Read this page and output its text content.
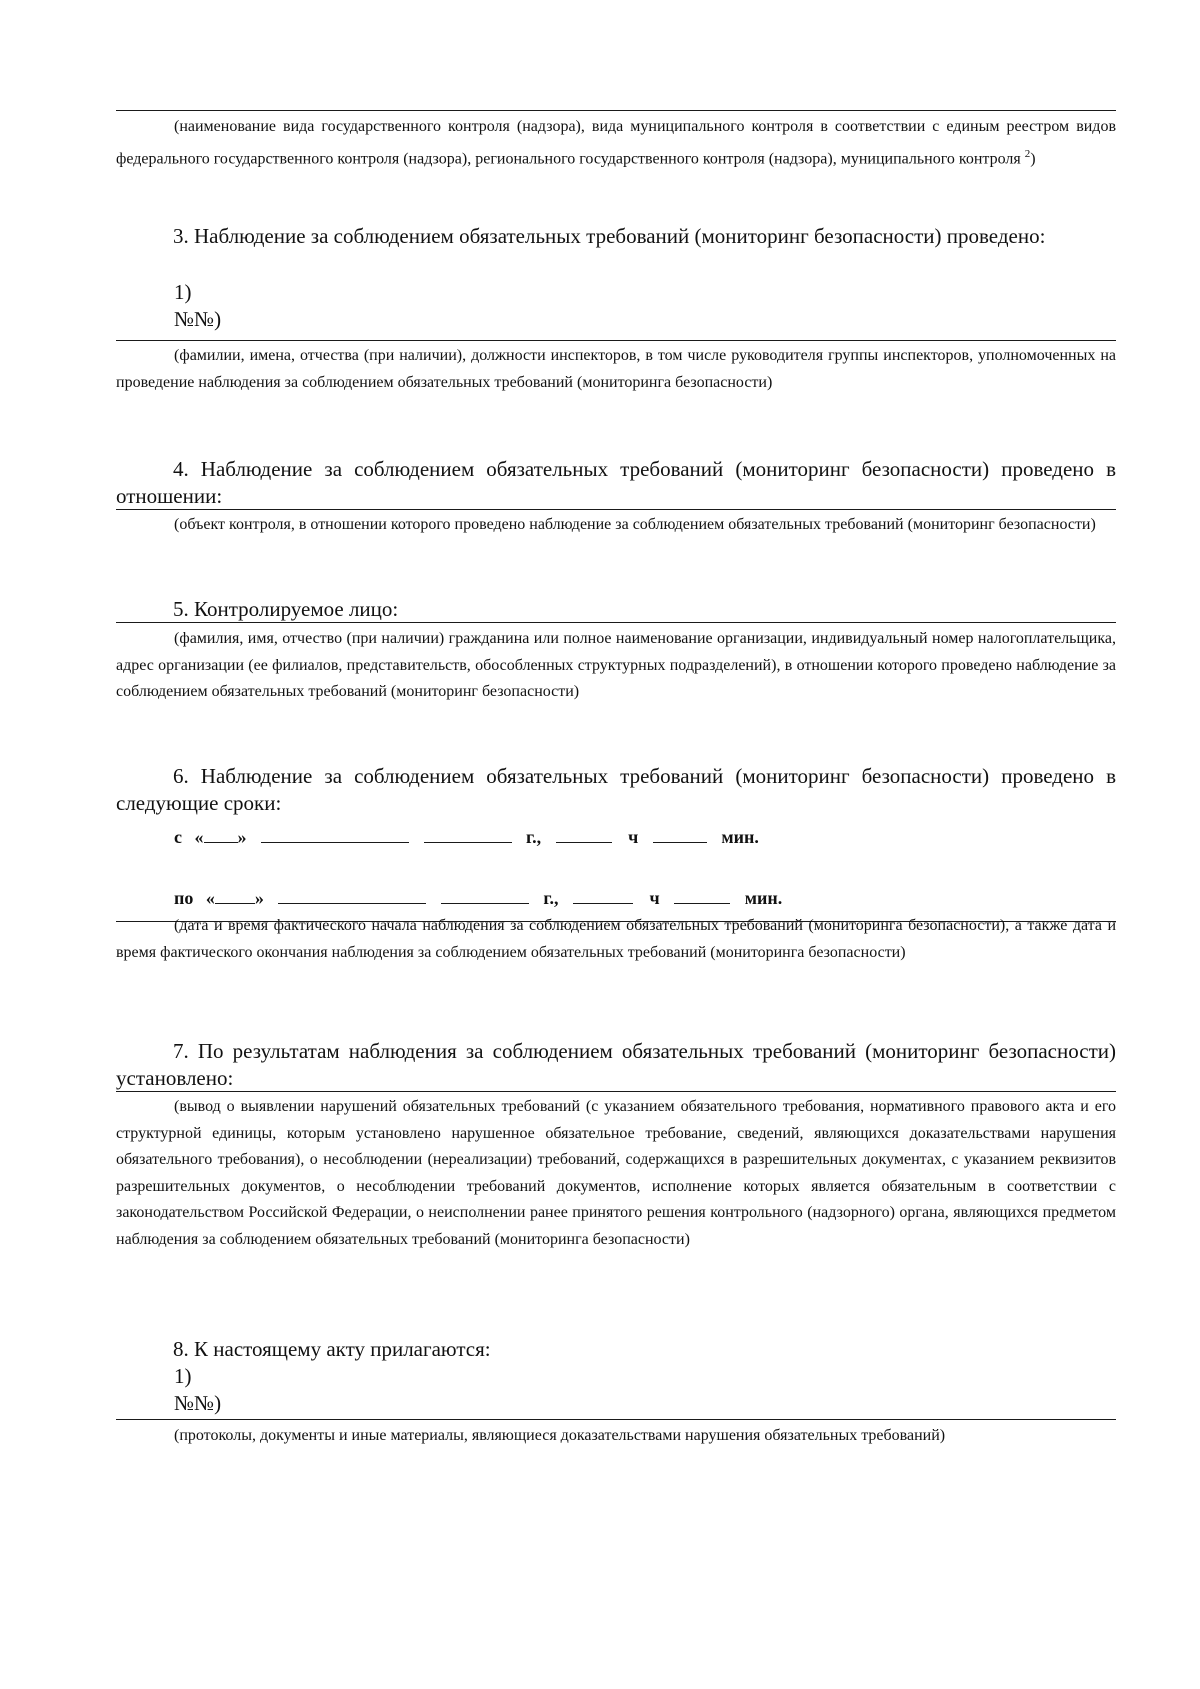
(наименование вида государственного контроля (надзора), вида муниципального контроля в соответствии с единым реестром видов федерального государственного контроля (надзора), регионального государственного контроля (надзора), муниципального контроля $^2$)
3. Наблюдение за соблюдением обязательных требований (мониторинг безопасности) проведено:
1)
№№)
(фамилии, имена, отчества (при наличии), должности инспекторов, в том числе руководителя группы инспекторов, уполномоченных на проведение наблюдения за соблюдением обязательных требований (мониторинга безопасности)
4. Наблюдение за соблюдением обязательных требований (мониторинг безопасности) проведено в отношении:
(объект контроля, в отношении которого проведено наблюдение за соблюдением обязательных требований (мониторинг безопасности)
5. Контролируемое лицо:
(фамилия, имя, отчество (при наличии) гражданина или полное наименование организации, индивидуальный номер налогоплательщика, адрес организации (ее филиалов, представительств, обособленных структурных подразделений), в отношении которого проведено наблюдение за соблюдением обязательных требований (мониторинг безопасности)
6. Наблюдение за соблюдением обязательных требований (мониторинг безопасности) проведено в следующие сроки:
с « »	г.,	ч	мин.
по « »	г.,	ч	мин.
(дата и время фактического начала наблюдения за соблюдением обязательных требований (мониторинга безопасности), а также дата и время фактического окончания наблюдения за соблюдением обязательных требований (мониторинга безопасности)
7. По результатам наблюдения за соблюдением обязательных требований (мониторинг безопасности) установлено:
(вывод о выявлении нарушений обязательных требований (с указанием обязательного требования, нормативного правового акта и его структурной единицы, которым установлено нарушенное обязательное требование, сведений, являющихся доказательствами нарушения обязательного требования), о несоблюдении (нереализации) требований, содержащихся в разрешительных документах, с указанием реквизитов разрешительных документов, о несоблюдении требований документов, исполнение которых является обязательным в соответствии с законодательством Российской Федерации, о неисполнении ранее принятого решения контрольного (надзорного) органа, являющихся предметом наблюдения за соблюдением обязательных требований (мониторинга безопасности)
8. К настоящему акту прилагаются:
1)
№№)
(протоколы, документы и иные материалы, являющиеся доказательствами нарушения обязательных требований)
